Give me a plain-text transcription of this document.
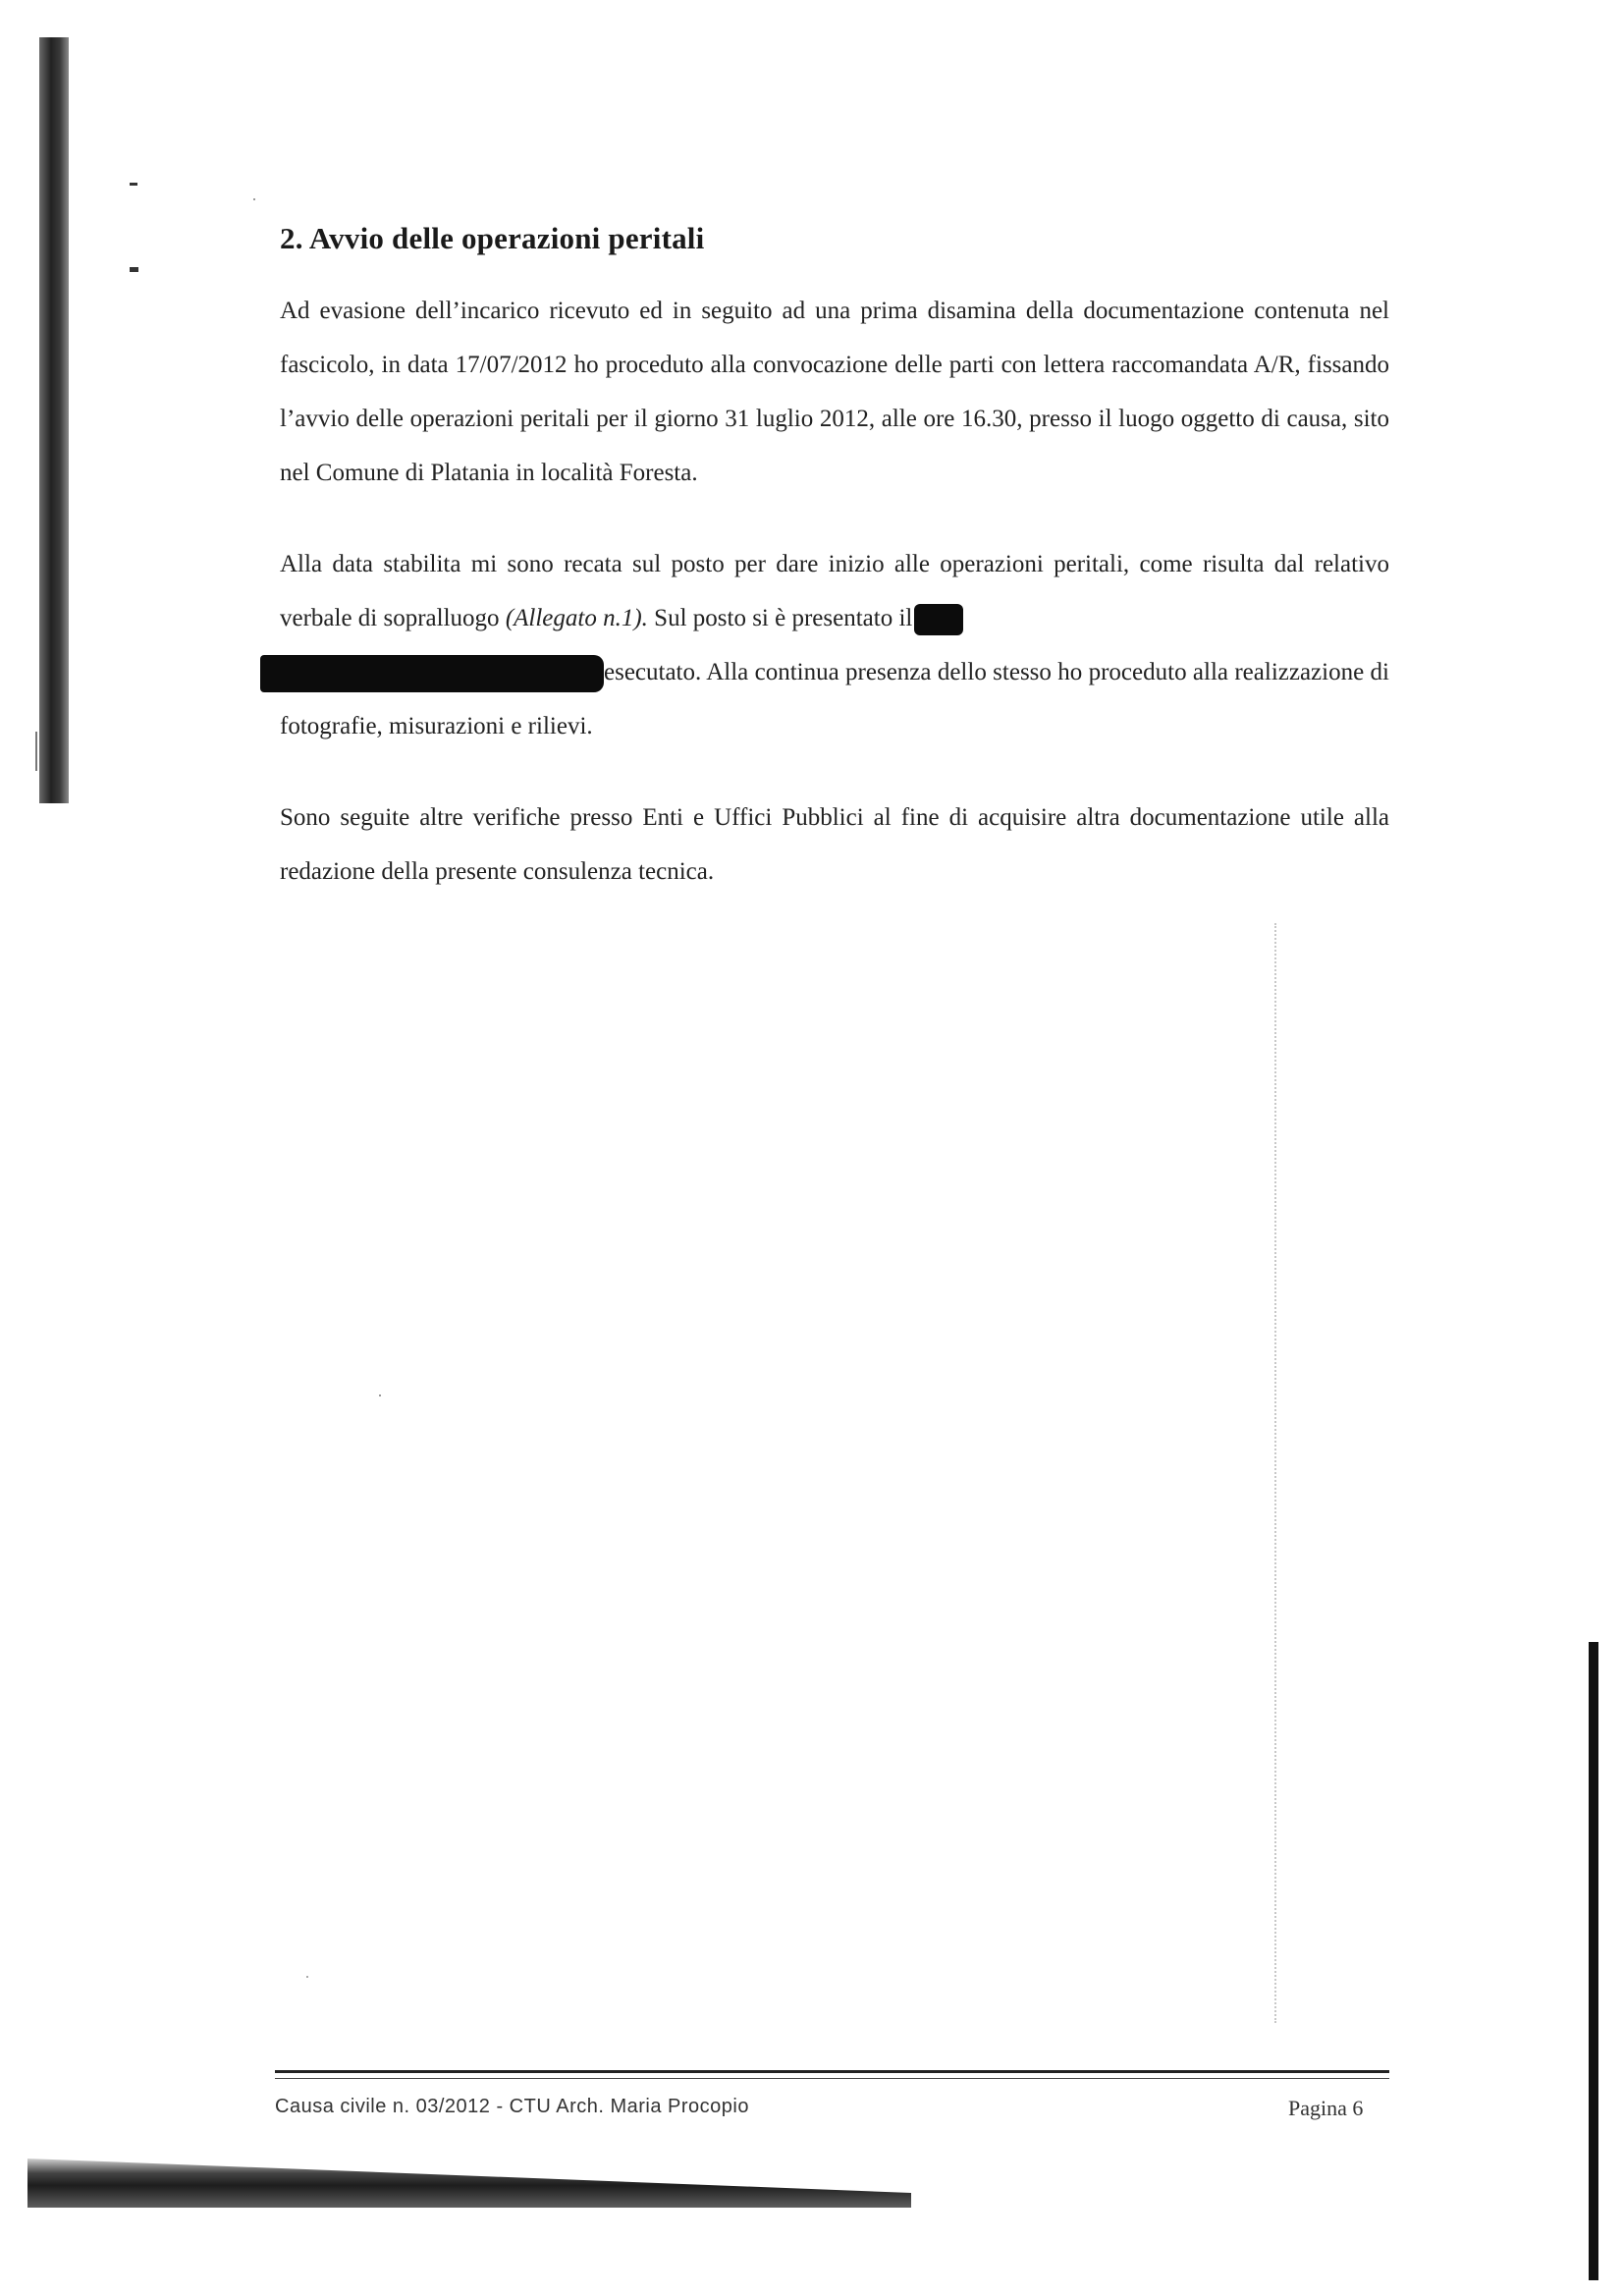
2. Avvio delle operazioni peritali

Ad evasione dell’incarico ricevuto ed in seguito ad una prima disamina della documentazione contenuta nel fascicolo, in data 17/07/2012 ho proceduto alla convocazione delle parti con lettera raccomandata A/R, fissando l’avvio delle operazioni peritali per il giorno 31 luglio 2012, alle ore 16.30, presso il luogo oggetto di causa, sito nel Comune di Platania in località Foresta.

Alla data stabilita mi sono recata sul posto per dare inizio alle operazioni peritali, come risulta dal relativo verbale di sopralluogo (Allegato n.1). Sul posto si è presentato il
esecutato. Alla continua presenza dello stesso ho proceduto alla realizzazione di fotografie, misurazioni e rilievi.

Sono seguite altre verifiche presso Enti e Uffici Pubblici al fine di acquisire altra documentazione utile alla redazione della presente consulenza tecnica.

Causa civile n. 03/2012 - CTU Arch. Maria Procopio	Pagina 6
